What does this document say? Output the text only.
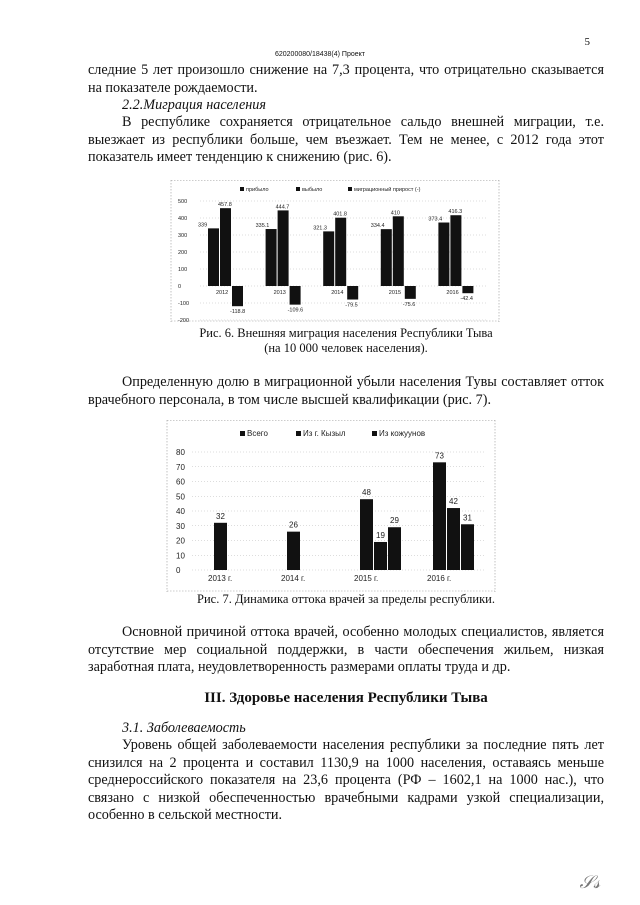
5
620200080/18438(4) Проект
следние 5 лет произошло снижение на 7,3 процента, что отрицательно сказывается на показателе рождаемости.
2.2.Миграция населения
В республике сохраняется отрицательное сальдо внешней миграции, т.е. выезжает из республики больше, чем въезжает. Тем не менее, с 2012 года этот показатель имеет тенденцию к снижению (рис. 6).
прибыло	выбыло	миграционный прирост (-)
500
400
300
200
100
0
-100
-200
339
457.8
-118.8
2012
335.1
444.7
-109.6
2013
321.3
401.8
-79.5
2014
334.4
410
-75.6
2015
373.4
416.3
-42.4
2016
Рис. 6. Внешняя миграция населения Республики Тыва
(на 10 000 человек населения).
Определенную долю в миграционной убыли населения Тувы составляет отток врачебного персонала, в том числе высшей квалификации (рис. 7).
Всего	Из г. Кызыл	Из кожуунов
80
70
60
50
40
30
20
10
0
32
2013 г.
26
2014 г.
48
19
29
2015 г.
73
42
31
2016 г.
Рис. 7. Динамика оттока врачей за пределы республики.
Основной причиной оттока врачей, особенно молодых специалистов, является отсутствие мер социальной поддержки, в части обеспечения жильем, низкая заработная плата, неудовлетворенность размерами оплаты труда и др.
III. Здоровье населения Республики Тыва
3.1. Заболеваемость
Уровень общей заболеваемости населения республики за последние пять лет снизился на 2 процента и составил 1130,9 на 1000 населения, оставаясь меньше среднероссийского показателя на 23,6 процента (РФ – 1602,1 на 1000 нас.), что связано с низкой обеспеченностью врачебными кадрами узкой специализации, особенно в сельской местности.
𝒮𝓈
